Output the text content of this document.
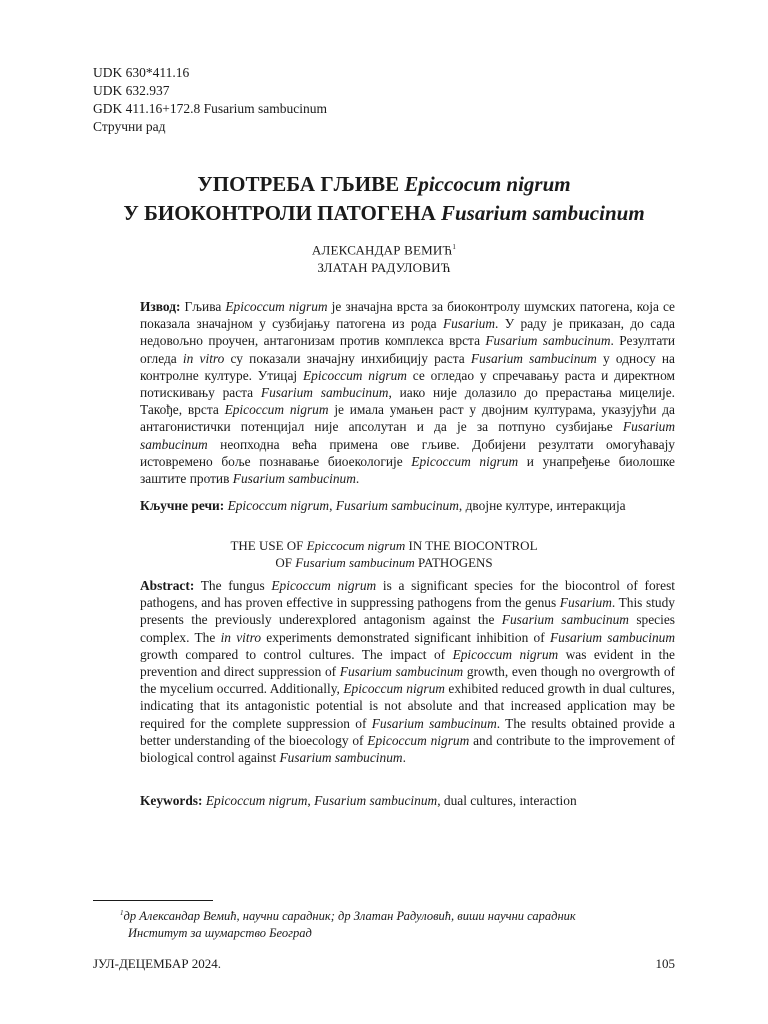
UDK 630*411.16
UDK 632.937
GDK 411.16+172.8 Fusarium sambucinum
Стручни рад
УПОТРЕБА ГЉИВЕ Epiccocum nigrum
У БИОКОНТРОЛИ ПАТОГЕНА Fusarium sambucinum
АЛЕКСАНДАР ВЕМИЋ$^1$
ЗЛАТАН РАДУЛОВИЋ
Извод: Гљива Epicoccum nigrum је значајна врста за биоконтролу шумских патогена, која се показала значајном у сузбијању патогена из рода Fusarium. У раду је приказан, до сада недовољно проучен, антагонизам против комплекса врста Fusarium sambucinum. Резултати огледа in vitro су показали значајну инхибицију раста Fusarium sambucinum у односу на контролне културе. Утицај Epicoccum nigrum се огледао у спречавању раста и директном потискивању раста Fusarium sambucinum, иако није долазило до прерастања мицелије. Такође, врста Epicoccum nigrum је имала умањен раст у двојним културама, указујући да антагонистички потенцијал није апсолутан и да је за потпуно сузбијање Fusarium sambucinum неопходна већа примена ове гљиве. Добијени резултати омогућавају истовремено боље познавање биоекологије Epicoccum nigrum и унапређење биолошке заштите против Fusarium sambucinum.
Кључне речи: Epicoccum nigrum, Fusarium sambucinum, двојне културе, интеракција
THE USE OF Epiccocum nigrum IN THE BIOCONTROL
OF Fusarium sambucinum PATHOGENS
Abstract: The fungus Epicoccum nigrum is a significant species for the biocontrol of forest pathogens, and has proven effective in suppressing pathogens from the genus Fusarium. This study presents the previously underexplored antagonism against the Fusarium sambucinum species complex. The in vitro experiments demonstrated significant inhibition of Fusarium sambucinum growth compared to control cultures. The impact of Epicoccum nigrum was evident in the prevention and direct suppression of Fusarium sambucinum growth, even though no overgrowth of the mycelium occurred. Additionally, Epicoccum nigrum exhibited reduced growth in dual cultures, indicating that its antagonistic potential is not absolute and that increased application may be required for the complete suppression of Fusarium sambucinum. The results obtained provide a better understanding of the bioecology of Epicoccum nigrum and contribute to the improvement of biological control against Fusarium sambucinum.
Keywords: Epicoccum nigrum, Fusarium sambucinum, dual cultures, interaction
$^1$др Александар Вемић, научни сарадник; др Златан Радуловић, виши научни сарадник
Институт за шумарство Београд
ЈУЛ-ДЕЦЕМБАР 2024.	105
